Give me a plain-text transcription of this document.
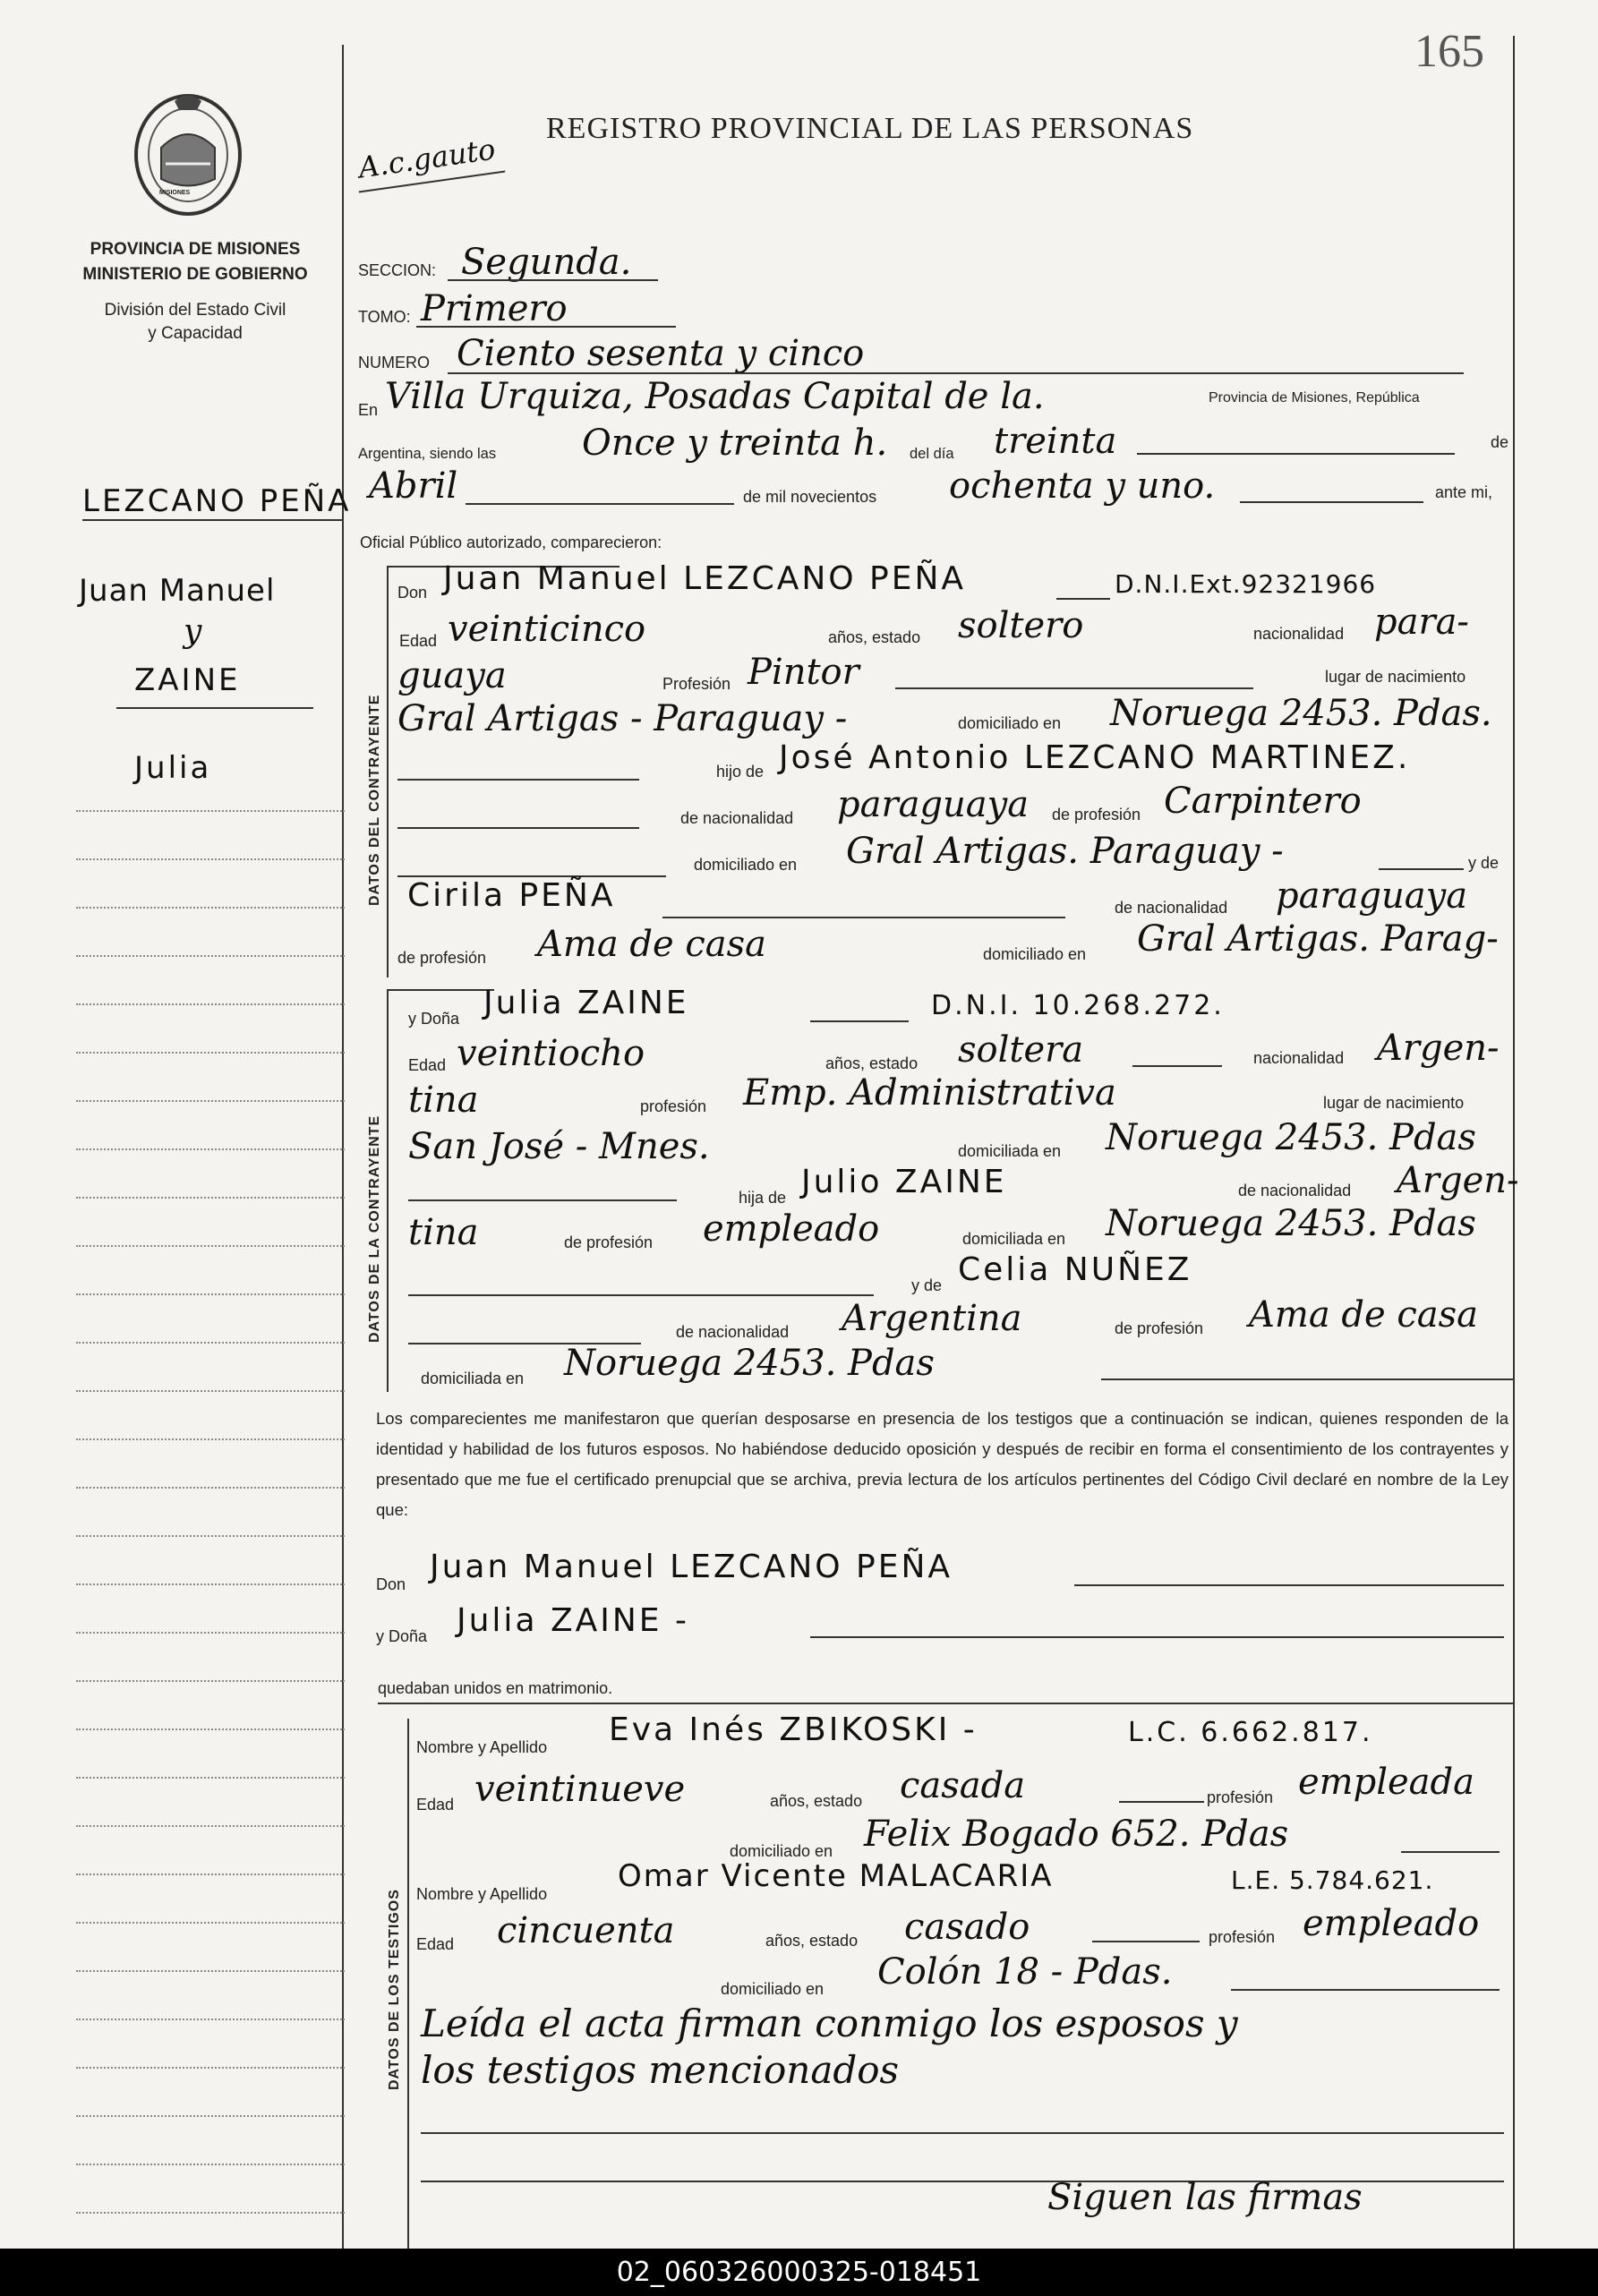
165
MISIONES
PROVINCIA DE MISIONES
MINISTERIO DE GOBIERNO
División del Estado Civil
y Capacidad
A.c.gauto
REGISTRO PROVINCIAL DE LAS PERSONAS
LEZCANO PEÑA
Juan Manuel
y
ZAINE
Julia
SECCION: Segunda.
TOMO: Primero
NUMERO Ciento sesenta y cinco
En Villa Urquiza, Posadas Capital de la.	Provincia de Misiones, República
Argentina, siendo las Once y treinta h. del día treinta	de
Abril	de mil novecientos ochenta y uno.	ante mi,
Oficial Público autorizado, comparecieron:
DATOS DEL CONTRAYENTE
Don Juan Manuel LEZCANO PEÑA	D.N.I.Ext.92321966
Edad veinticinco	años, estado soltero	nacionalidad para-
guaya	Profesión Pintor	lugar de nacimiento
Gral Artigas - Paraguay -	domiciliado en Noruega 2453. Pdas.
hijo de José Antonio LEZCANO MARTINEZ.
de nacionalidad paraguaya de profesión Carpintero
domiciliado en Gral Artigas. Paraguay -	y de
Cirila PEÑA	de nacionalidad paraguaya
de profesión Ama de casa	domiciliado en Gral Artigas. Parag-
DATOS DE LA CONTRAYENTE
y Doña Julia ZAINE	D.N.I. 10.268.272.
Edad veintiocho	años, estado soltera	nacionalidad Argen-
tina	profesión Emp. Administrativa	lugar de nacimiento
San José - Mnes.	domiciliada en Noruega 2453. Pdas
hija de Julio ZAINE	de nacionalidad Argen-
tina	de profesión empleado	domiciliada en Noruega 2453. Pdas
y de Celia NUÑEZ
de nacionalidad Argentina	de profesión Ama de casa
domiciliada en Noruega 2453. Pdas
Los comparecientes me manifestaron que querían desposarse en presencia de los testigos que a continuación se indican, quienes responden de la identidad y habilidad de los futuros esposos. No habiéndose deducido oposición y después de recibir en forma el consentimiento de los contrayentes y presentado que me fue el certificado prenupcial que se archiva, previa lectura de los artículos pertinentes del Código Civil declaré en nombre de la Ley que:
Don Juan Manuel LEZCANO PEÑA
y Doña Julia ZAINE -
quedaban unidos en matrimonio.
DATOS DE LOS TESTIGOS
Nombre y Apellido Eva Inés ZBIKOSKI -	L.C. 6.662.817.
Edad veintinueve	años, estado casada	profesión empleada
domiciliado en Felix Bogado 652. Pdas
Nombre y Apellido Omar Vicente MALACARIA	L.E. 5.784.621.
Edad cincuenta	años, estado casado	profesión empleado
domiciliado en Colón 18 - Pdas.
Leída el acta firman conmigo los esposos y
los testigos mencionados
Siguen las firmas
02_060326000325-018451
